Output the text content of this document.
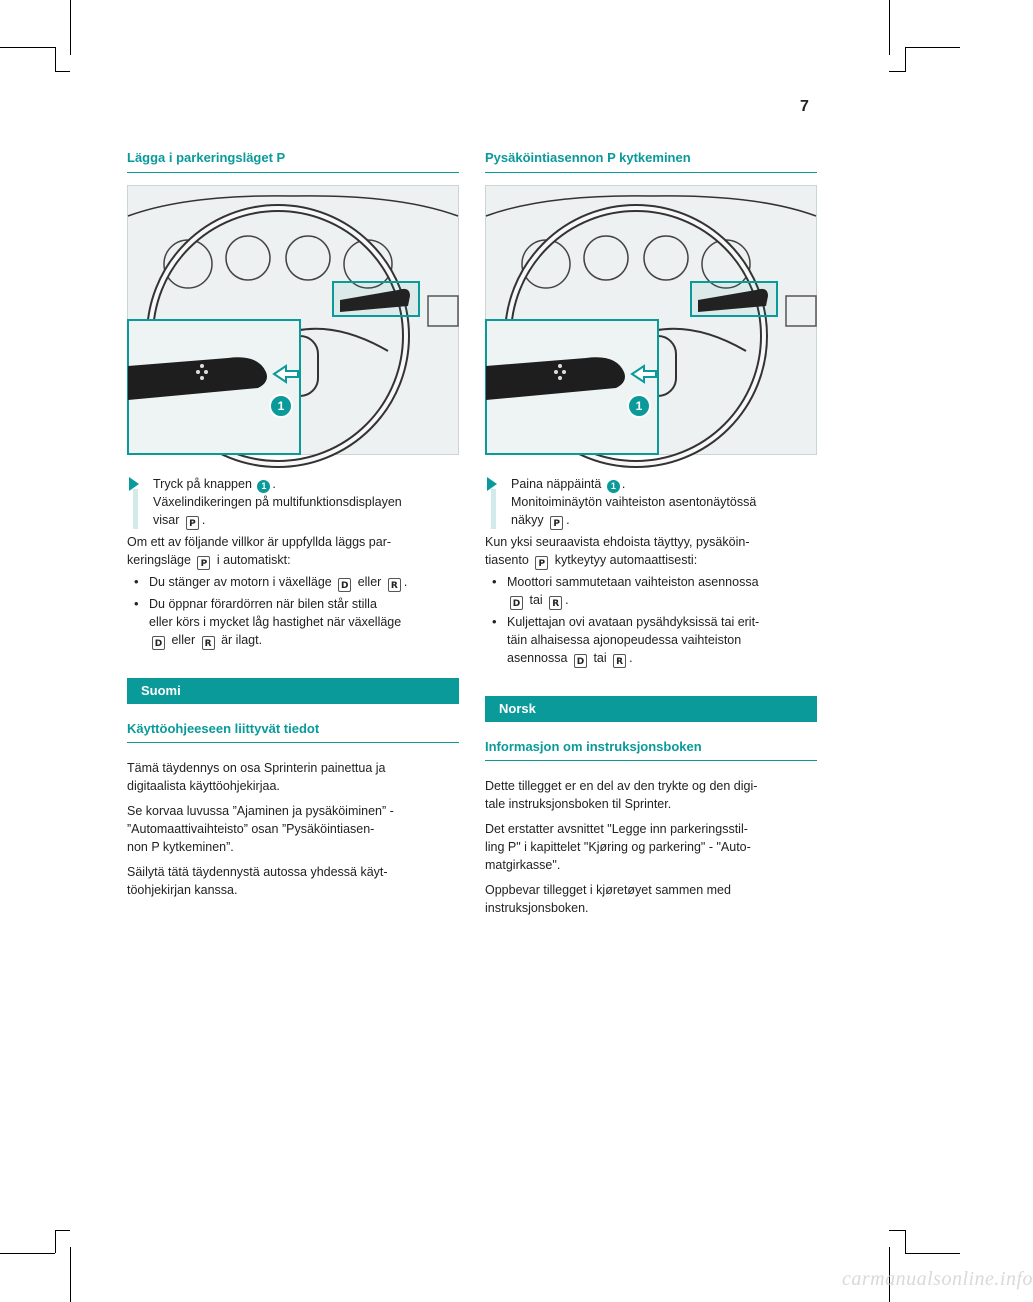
7
Lägga i parkeringsläget P
1
Tryck på knappen 1 .
Växelindikeringen på multifunktionsdisplayen
visar P .
Om ett av följande villkor är uppfyllda läggs par-
keringsläge P i automatiskt:
• Du stänger av motorn i växelläge D eller R .
• Du öppnar förardörren när bilen står stilla
eller körs i mycket låg hastighet när växelläge
D eller R är ilagt.
Suomi
Käyttöohjeeseen liittyvät tiedot
Tämä täydennys on osa Sprinterin painettua ja
digitaalista käyttöohjekirjaa.
Se korvaa luvussa ”Ajaminen ja pysäköiminen” -
”Automaattivaihteisto” osan ”Pysäköintiasen-
non P kytkeminen”.
Säilytä tätä täydennystä autossa yhdessä käyt-
töohjekirjan kanssa.
Pysäköintiasennon P kytkeminen
1
Paina näppäintä 1 .
Monitoiminäytön vaihteiston asentonäytössä
näkyy P .
Kun yksi seuraavista ehdoista täyttyy, pysäköin-
tiasento P kytkeytyy automaattisesti:
• Moottori sammutetaan vaihteiston asennossa
D tai R .
• Kuljettajan ovi avataan pysähdyksissä tai erit-
täin alhaisessa ajonopeudessa vaihteiston
asennossa D tai R .
Norsk
Informasjon om instruksjonsboken
Dette tillegget er en del av den trykte og den digi-
tale instruksjonsboken til Sprinter.
Det erstatter avsnittet "Legge inn parkeringsstil-
ling P" i kapittelet "Kjøring og parkering" - "Auto-
matgirkasse".
Oppbevar tillegget i kjøretøyet sammen med
instruksjonsboken.
carmanualsonline.info
